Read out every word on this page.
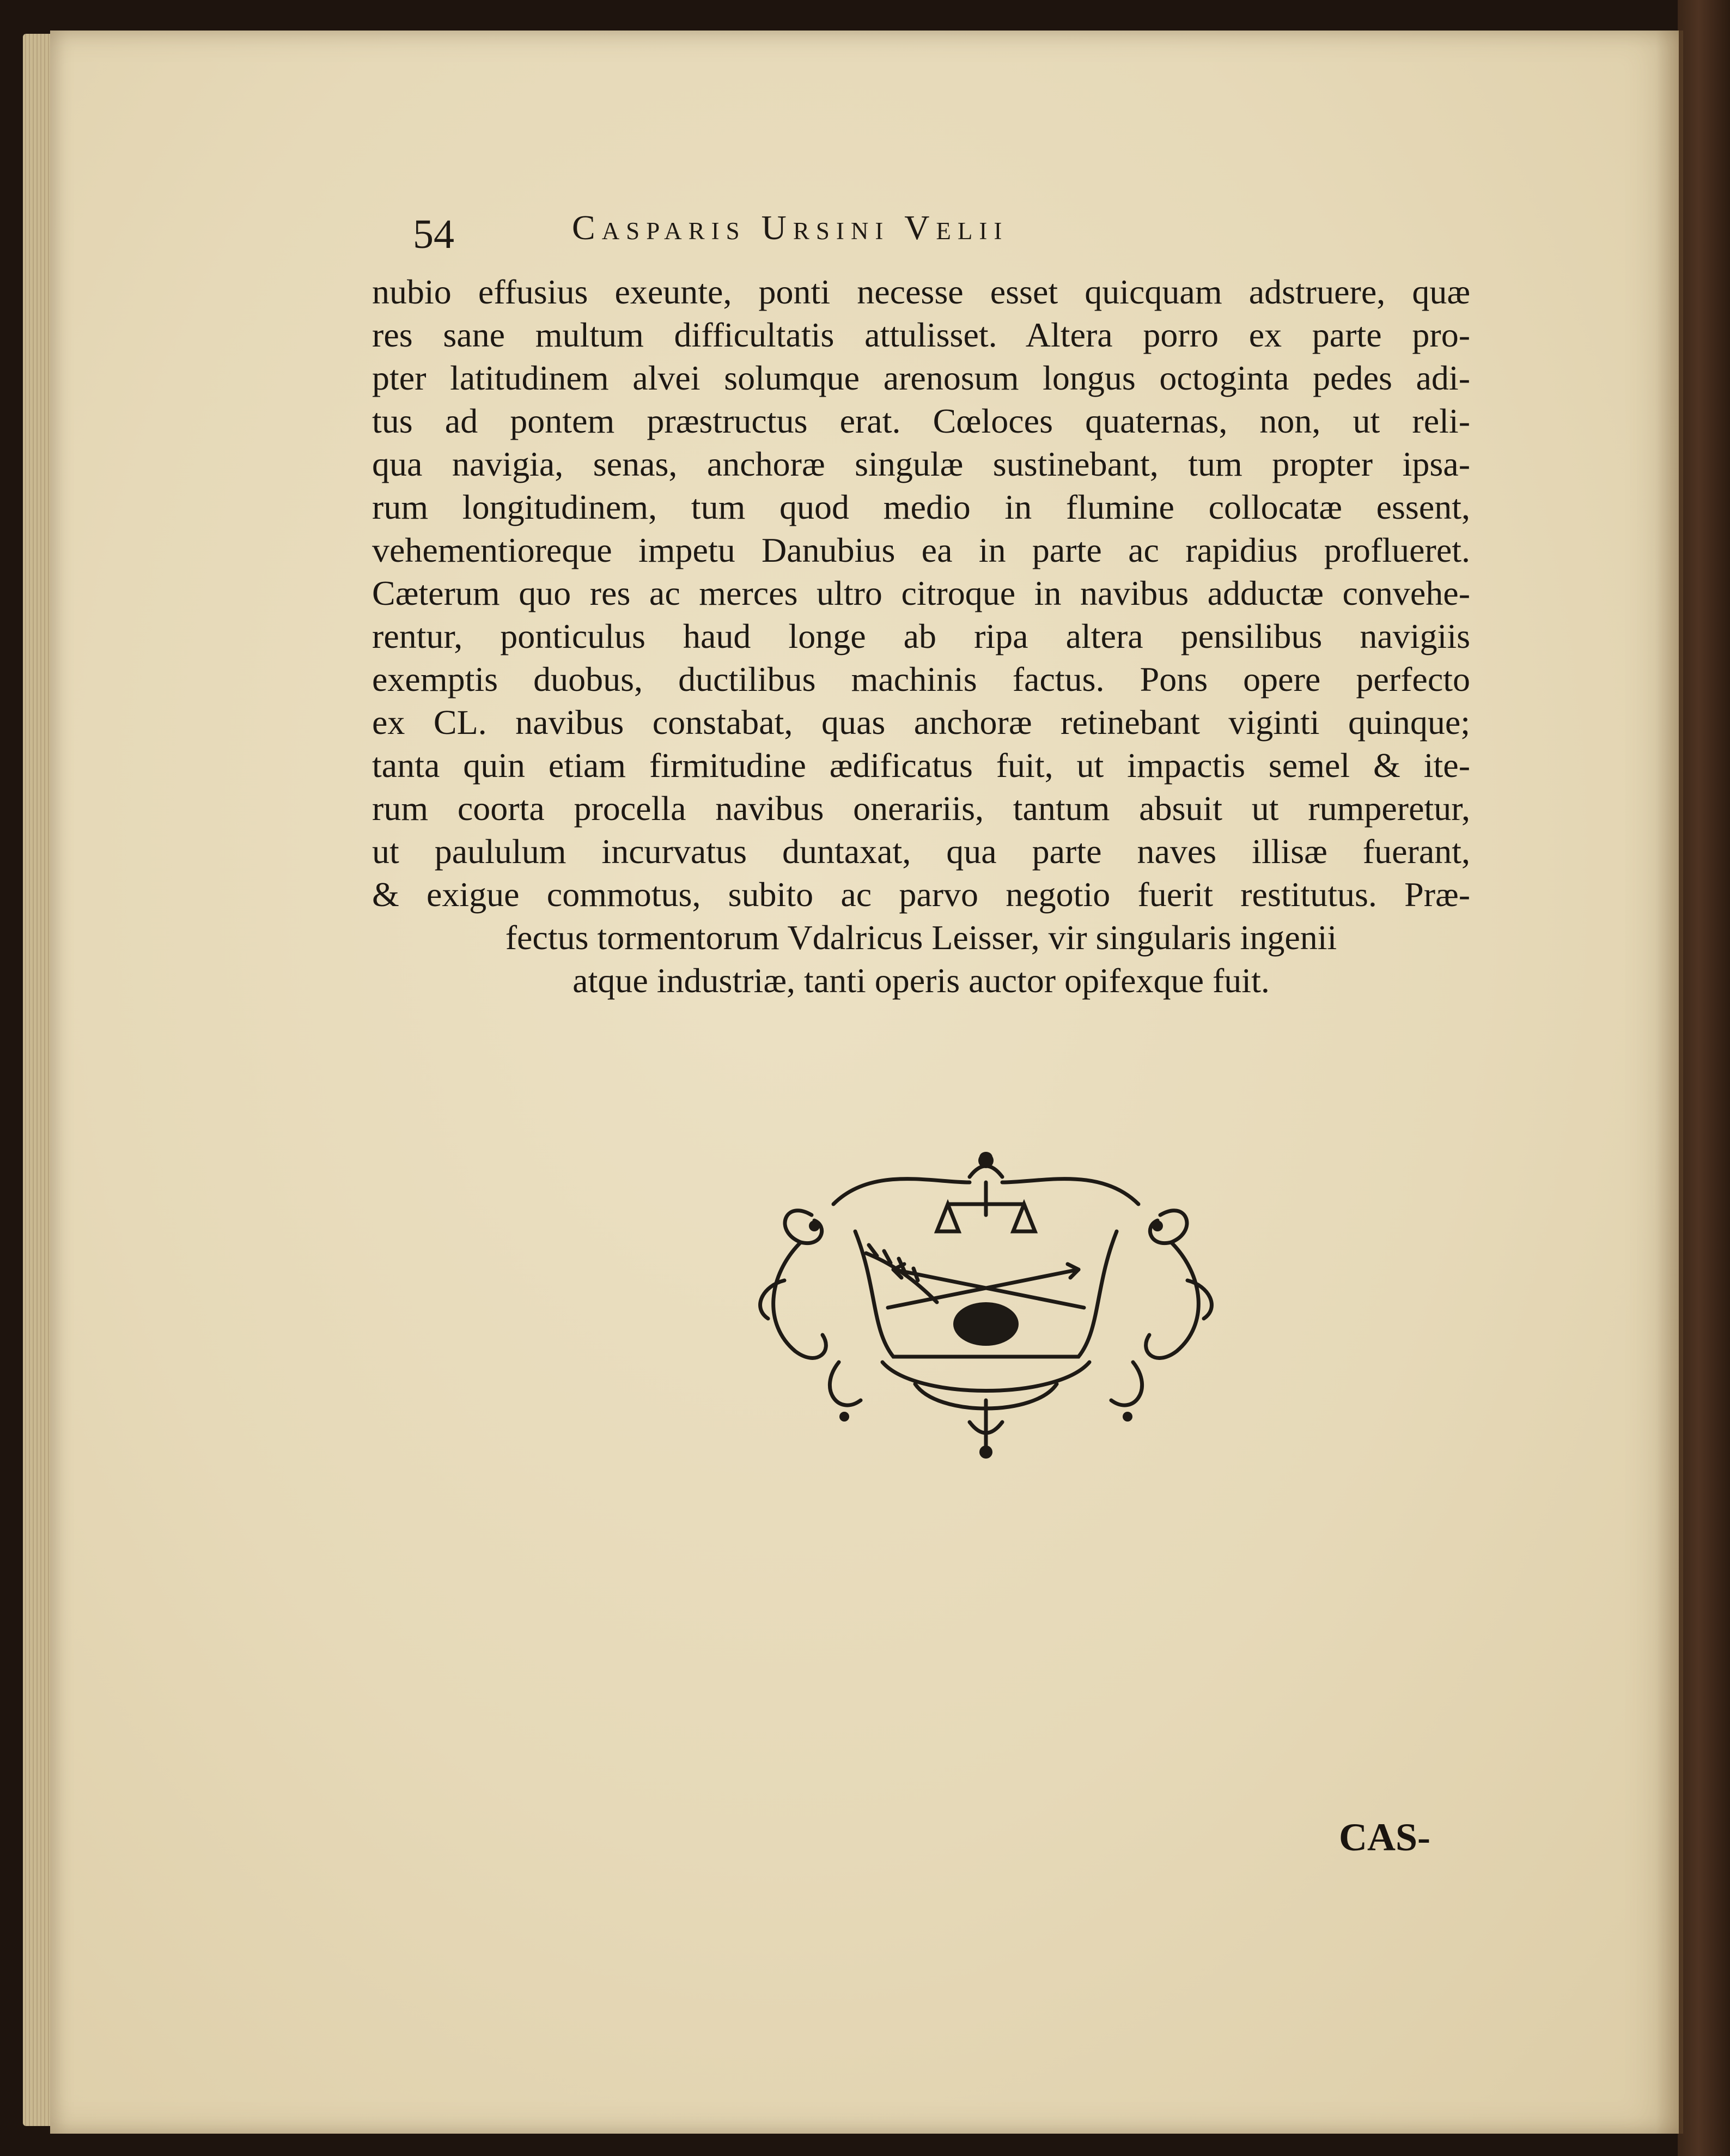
54	Casparis Ursini Velii
nubio effusius exeunte, ponti necesse esset quicquam adstruere, quæ
res sane multum difficultatis attulisset. Altera porro ex parte pro-
pter latitudinem alvei solumque arenosum longus octoginta pedes adi-
tus ad pontem præstructus erat. Cœloces quaternas, non, ut reli-
qua navigia, senas, anchoræ singulæ sustinebant, tum propter ipsa-
rum longitudinem, tum quod medio in flumine collocatæ essent,
vehementioreque impetu Danubius ea in parte ac rapidius proflueret.
Cæterum quo res ac merces ultro citroque in navibus adductæ convehe-
rentur, ponticulus haud longe ab ripa altera pensilibus navigiis
exemptis duobus, ductilibus machinis factus. Pons opere perfecto
ex CL. navibus constabat, quas anchoræ retinebant viginti quinque;
tanta quin etiam firmitudine ædificatus fuit, ut impactis semel & ite-
rum coorta procella navibus onerariis, tantum absuit ut rumperetur,
ut paululum incurvatus duntaxat, qua parte naves illisæ fuerant,
& exigue commotus, subito ac parvo negotio fuerit restitutus. Præ-
fectus tormentorum Vdalricus Leisser, vir singularis ingenii
atque industriæ, tanti operis auctor opifexque fuit.
CAS-
